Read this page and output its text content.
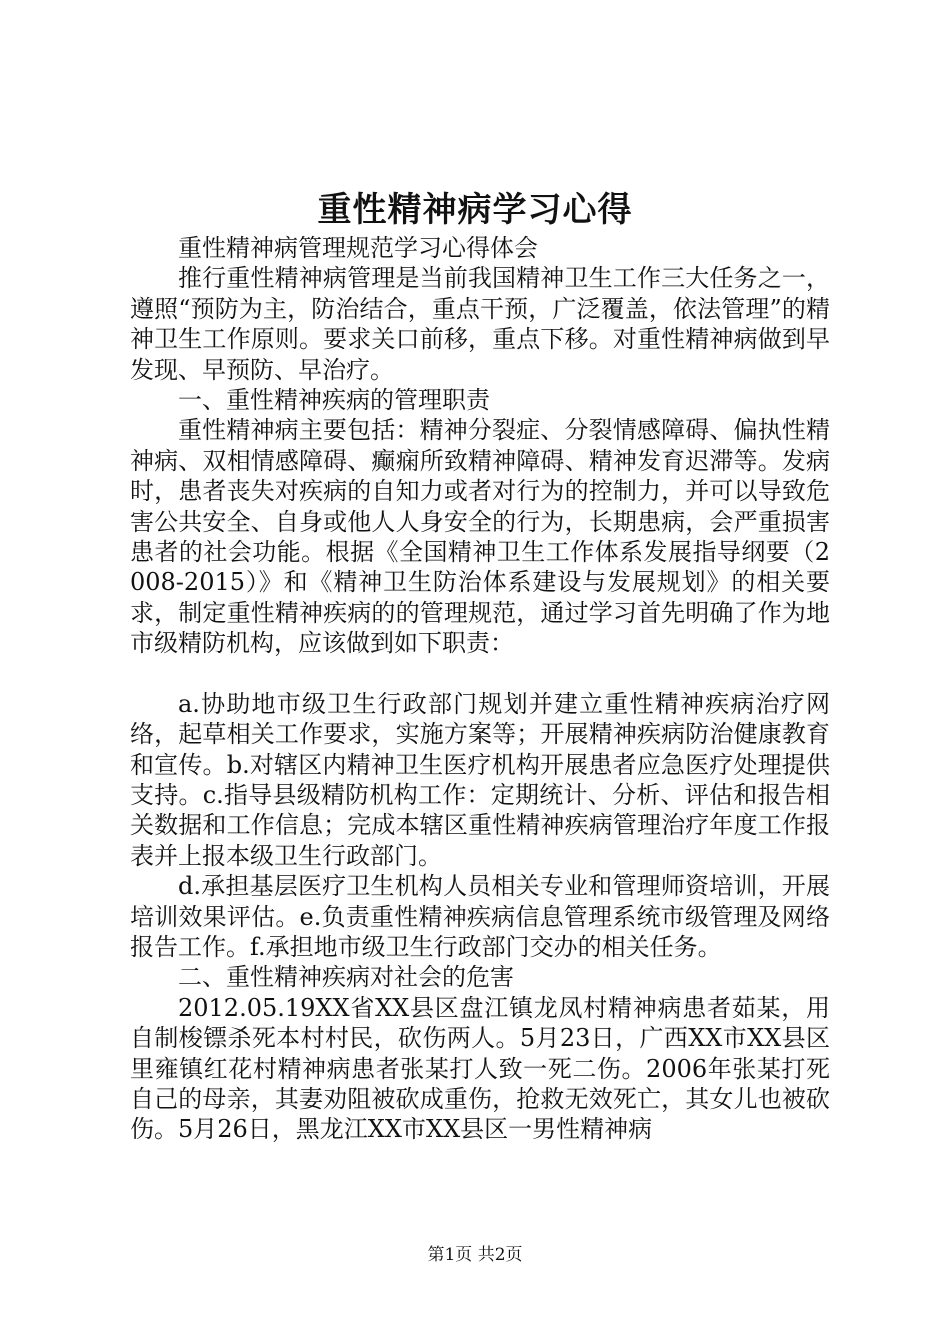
重性精神病学习心得

重性精神病管理规范学习心得体会

推行重性精神病管理是当前我国精神卫生工作三大任务之一，遵照“预防为主，防治结合，重点干预，广泛覆盖，依法管理”的精神卫生工作原则。要求关口前移，重点下移。对重性精神病做到早发现、早预防、早治疗。

一、重性精神疾病的管理职责

重性精神病主要包括：精神分裂症、分裂情感障碍、偏执性精神病、双相情感障碍、癫痫所致精神障碍、精神发育迟滞等。发病时，患者丧失对疾病的自知力或者对行为的控制力，并可以导致危害公共安全、自身或他人人身安全的行为，长期患病，会严重损害患者的社会功能。根据《全国精神卫生工作体系发展指导纲要（2008-2015）》和《精神卫生防治体系建设与发展规划》的相关要求，制定重性精神疾病的的管理规范，通过学习首先明确了作为地市级精防机构，应该做到如下职责：

a.协助地市级卫生行政部门规划并建立重性精神疾病治疗网络，起草相关工作要求，实施方案等；开展精神疾病防治健康教育和宣传。b.对辖区内精神卫生医疗机构开展患者应急医疗处理提供支持。c.指导县级精防机构工作：定期统计、分析、评估和报告相关数据和工作信息；完成本辖区重性精神疾病管理治疗年度工作报表并上报本级卫生行政部门。

d.承担基层医疗卫生机构人员相关专业和管理师资培训，开展培训效果评估。e.负责重性精神疾病信息管理系统市级管理及网络报告工作。f.承担地市级卫生行政部门交办的相关任务。

二、重性精神疾病对社会的危害

2012.05.19XX省XX县区盘江镇龙凤村精神病患者茹某，用自制梭镖杀死本村村民，砍伤两人。5月23日，广西XX市XX县区里雍镇红花村精神病患者张某打人致一死二伤。2006年张某打死自己的母亲，其妻劝阻被砍成重伤，抢救无效死亡，其女儿也被砍伤。5月26日，黑龙江XX市XX县区一男性精神病

第1页 共2页
